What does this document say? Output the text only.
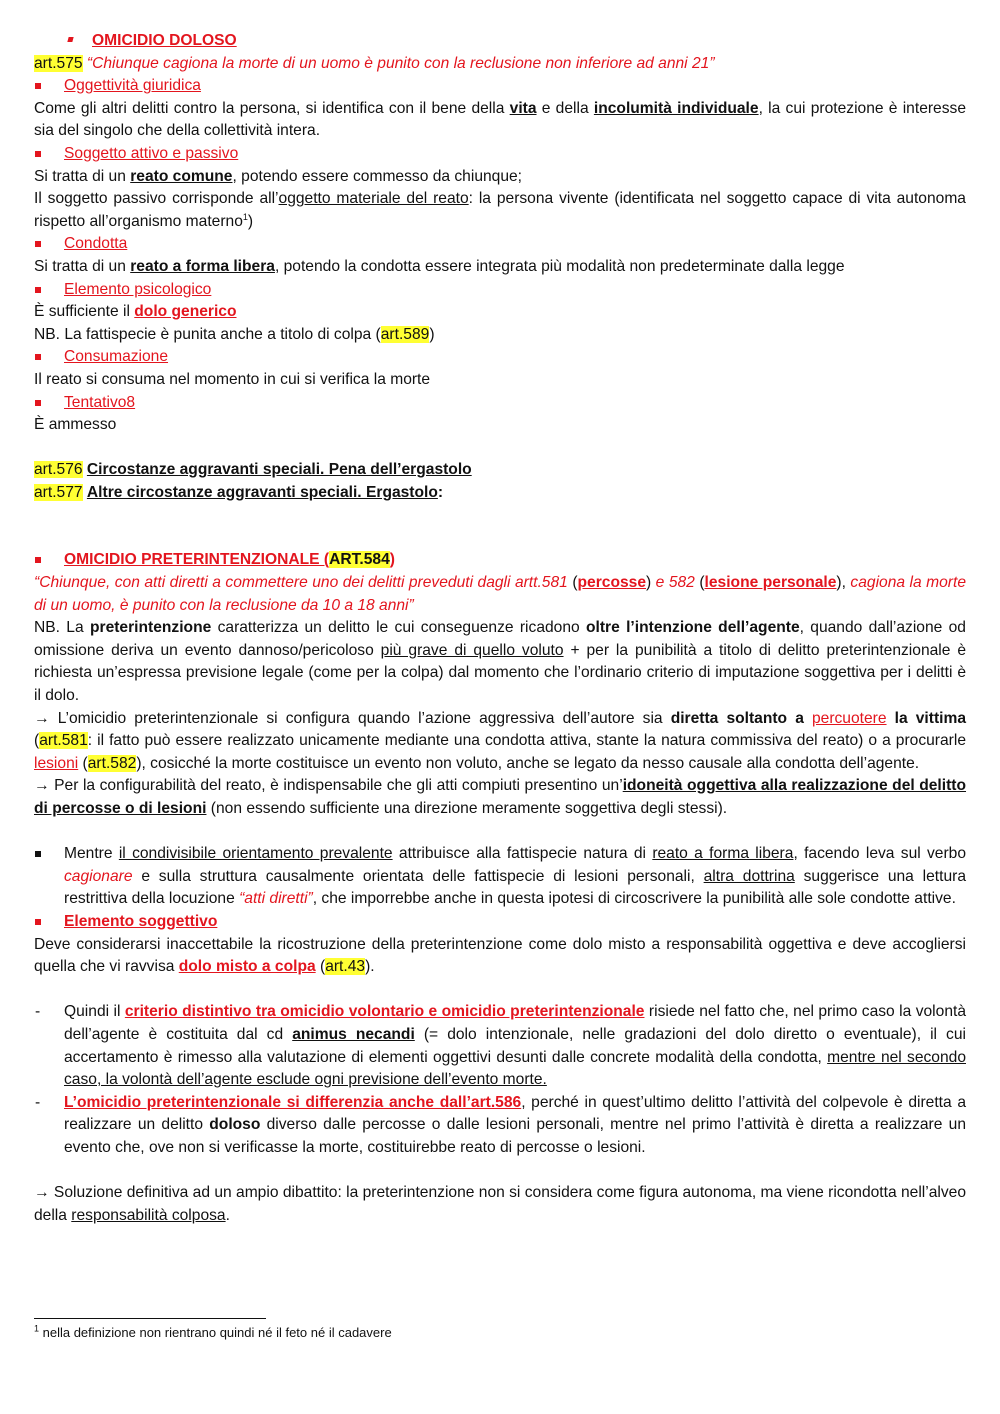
OMICIDIO DOLOSO

art.575 “Chiunque cagiona la morte di un uomo è punito con la reclusione non inferiore ad anni 21”

Oggettività giuridica

Come gli altri delitti contro la persona, si identifica con il bene della vita e della incolumità individuale, la cui protezione è interesse sia del singolo che della collettività intera.

Soggetto attivo e passivo

Si tratta di un reato comune, potendo essere commesso da chiunque;

Il soggetto passivo corrisponde all’oggetto materiale del reato: la persona vivente (identificata nel soggetto capace di vita autonoma rispetto all’organismo materno$^1$)

Condotta

Si tratta di un reato a forma libera, potendo la condotta essere integrata più modalità non predeterminate dalla legge

Elemento psicologico

È sufficiente il dolo generico

NB. La fattispecie è punita anche a titolo di colpa (art.589)

Consumazione

Il reato si consuma nel momento in cui si verifica la morte

Tentativo8

È ammesso

art.576 Circostanze aggravanti speciali. Pena dell’ergastolo

art.577 Altre circostanze aggravanti speciali. Ergastolo:

OMICIDIO PRETERINTENZIONALE (ART.584)

“Chiunque, con atti diretti a commettere uno dei delitti preveduti dagli artt.581 (percosse) e 582 (lesione personale), cagiona la morte di un uomo, è punito con la reclusione da 10 a 18 anni”

NB. La preterintenzione caratterizza un delitto le cui conseguenze ricadono oltre l’intenzione dell’agente, quando dall’azione od omissione deriva un evento dannoso/pericoloso più grave di quello voluto + per la punibilità a titolo di delitto preterintenzionale è richiesta un’espressa previsione legale (come per la colpa) dal momento che l’ordinario criterio di imputazione soggettiva per i delitti è il dolo.

→ L’omicidio preterintenzionale si configura quando l’azione aggressiva dell’autore sia diretta soltanto a percuotere la vittima (art.581: il fatto può essere realizzato unicamente mediante una condotta attiva, stante la natura commissiva del reato) o a procurarle lesioni (art.582), cosicché la morte costituisce un evento non voluto, anche se legato da nesso causale alla condotta dell’agente.

→ Per la configurabilità del reato, è indispensabile che gli atti compiuti presentino un’idoneità oggettiva alla realizzazione del delitto di percosse o di lesioni (non essendo sufficiente una direzione meramente soggettiva degli stessi).

Mentre il condivisibile orientamento prevalente attribuisce alla fattispecie natura di reato a forma libera, facendo leva sul verbo cagionare e sulla struttura causalmente orientata delle fattispecie di lesioni personali, altra dottrina suggerisce una lettura restrittiva della locuzione “atti diretti”, che imporrebbe anche in questa ipotesi di circoscrivere la punibilità alle sole condotte attive.

Elemento soggettivo

Deve considerarsi inaccettabile la ricostruzione della preterintenzione come dolo misto a responsabilità oggettiva e deve accogliersi quella che vi ravvisa dolo misto a colpa (art.43).

- Quindi il criterio distintivo tra omicidio volontario e omicidio preterintenzionale risiede nel fatto che, nel primo caso la volontà dell’agente è costituita dal cd animus necandi (= dolo intenzionale, nelle gradazioni del dolo diretto o eventuale), il cui accertamento è rimesso alla valutazione di elementi oggettivi desunti dalle concrete modalità della condotta, mentre nel secondo caso, la volontà dell’agente esclude ogni previsione dell’evento morte.

- L’omicidio preterintenzionale si differenzia anche dall’art.586, perché in quest’ultimo delitto l’attività del colpevole è diretta a realizzare un delitto doloso diverso dalle percosse o dalle lesioni personali, mentre nel primo l’attività è diretta a realizzare un evento che, ove non si verificasse la morte, costituirebbe reato di percosse o lesioni.

→ Soluzione definitiva ad un ampio dibattito: la preterintenzione non si considera come figura autonoma, ma viene ricondotta nell’alveo della responsabilità colposa.

$^1$ nella definizione non rientrano quindi né il feto né il cadavere
